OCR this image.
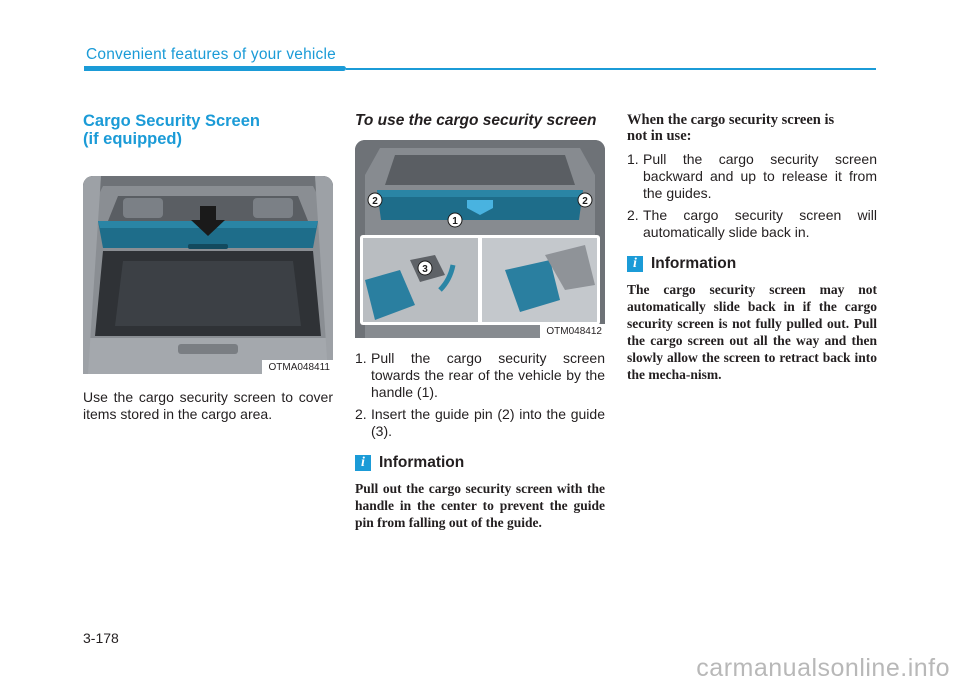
Convenient features of your vehicle
Cargo Security Screen
(if equipped)
OTMA048411

Use the cargo security screen to cover items stored in the cargo area.

To use the cargo security screen
1
2	2
3
OTM048412
1. Pull the cargo security screen towards the rear of the vehicle by the handle (1).
2. Insert the guide pin (2) into the guide (3).
i Information

Pull out the cargo security screen with the handle in the center to prevent the guide pin from falling out of the guide.

When the cargo security screen is
not in use:
1. Pull the cargo security screen backward and up to release it from the guides.
2. The cargo security screen will automatically slide back in.
i Information

The cargo security screen may not automatically slide back in if the cargo security screen is not fully pulled out. Pull the cargo screen out all the way and then slowly allow the screen to retract back into the mecha-nism.

3-178
carmanualsonline.info
